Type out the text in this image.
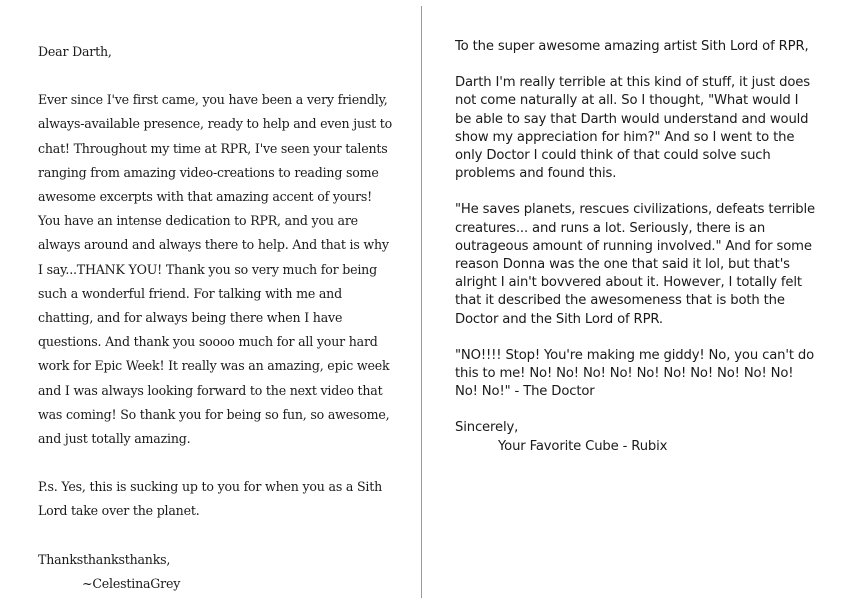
Dear Darth,

Ever since I've first came, you have been a very friendly, always-available presence, ready to help and even just to chat! Throughout my time at RPR, I've seen your talents ranging from amazing video-creations to reading some awesome excerpts with that amazing accent of yours! You have an intense dedication to RPR, and you are always around and always there to help. And that is why I say...THANK YOU! Thank you so very much for being such a wonderful friend. For talking with me and chatting, and for always being there when I have questions. And thank you soooo much for all your hard work for Epic Week! It really was an amazing, epic week and I was always looking forward to the next video that was coming! So thank you for being so fun, so awesome, and just totally amazing.

P.s. Yes, this is sucking up to you for when you as a Sith Lord take over the planet.

Thanksthanksthanks,

~CelestinaGrey

To the super awesome amazing artist Sith Lord of RPR,

Darth I'm really terrible at this kind of stuff, it just does not come naturally at all. So I thought, "What would I be able to say that Darth would understand and would show my appreciation for him?" And so I went to the only Doctor I could think of that could solve such problems and found this.

"He saves planets, rescues civilizations, defeats terrible creatures... and runs a lot. Seriously, there is an outrageous amount of running involved." And for some reason Donna was the one that said it lol, but that's alright I ain't bovvered about it. However, I totally felt that it described the awesomeness that is both the Doctor and the Sith Lord of RPR.

"NO!!!! Stop! You're making me giddy! No, you can't do this to me! No! No! No! No! No! No! No! No! No! No! No! No!" - The Doctor

Sincerely,

Your Favorite Cube - Rubix
